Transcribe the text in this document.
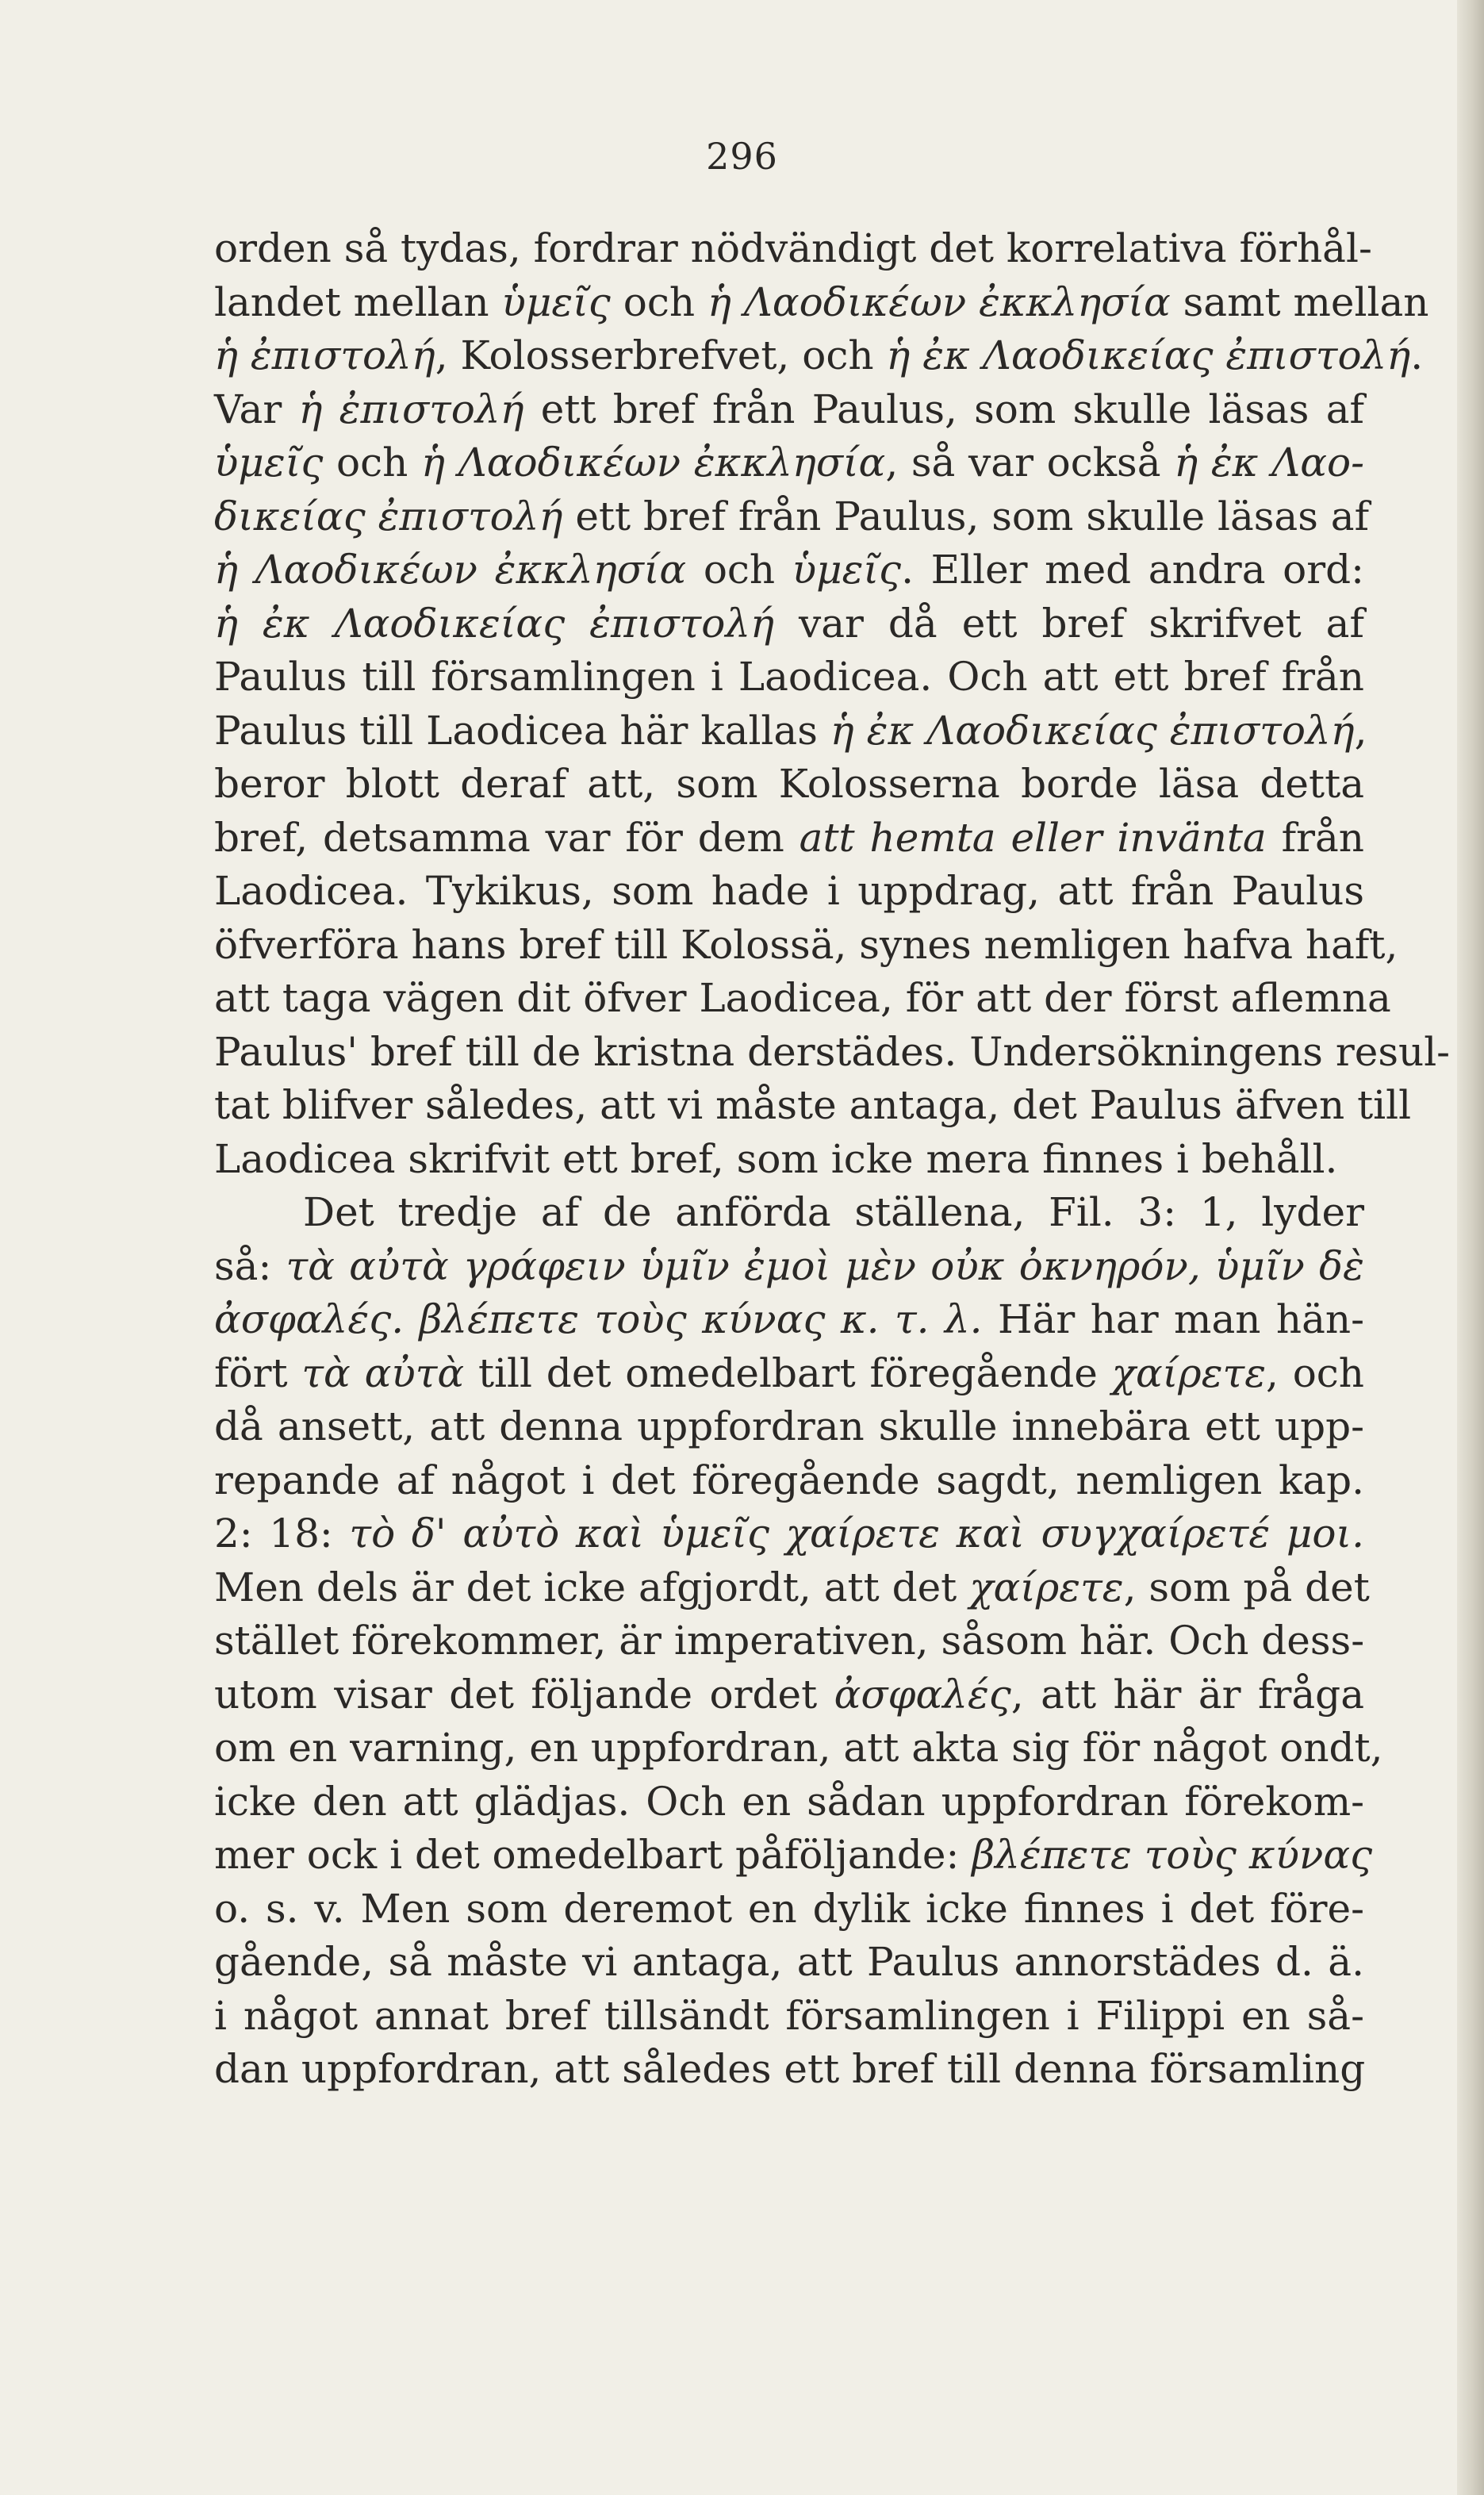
296
orden så tydas, fordrar nödvändigt det korrelativa förhål-
landet mellan ὑμεῖς och ἡ Λαοδικέων ἐκκλησία samt mellan
ἡ ἐπιστολή, Kolosserbrefvet, och ἡ ἐκ Λαοδικείας ἐπιστολή.
Var ἡ ἐπιστολή ett bref från Paulus, som skulle läsas af
ὑμεῖς och ἡ Λαοδικέων ἐκκλησία, så var också ἡ ἐκ Λαο-
δικείας ἐπιστολή ett bref från Paulus, som skulle läsas af
ἡ Λαοδικέων ἐκκλησία och ὑμεῖς. Eller med andra ord:
ἡ ἐκ Λαοδικείας ἐπιστολή var då ett bref skrifvet af
Paulus till församlingen i Laodicea. Och att ett bref från
Paulus till Laodicea här kallas ἡ ἐκ Λαοδικείας ἐπιστολή,
beror blott deraf att, som Kolosserna borde läsa detta
bref, detsamma var för dem att hemta eller invänta från
Laodicea. Tykikus, som hade i uppdrag, att från Paulus
öfverföra hans bref till Kolossä, synes nemligen hafva haft,
att taga vägen dit öfver Laodicea, för att der först aflemna
Paulus' bref till de kristna derstädes. Undersökningens resul-
tat blifver således, att vi måste antaga, det Paulus äfven till
Laodicea skrifvit ett bref, som icke mera finnes i behåll.
Det tredje af de anförda ställena, Fil. 3: 1, lyder
så: τὰ αὐτὰ γράφειν ὑμῖν ἐμοὶ μὲν οὐκ ὀκνηρόν, ὑμῖν δὲ
ἀσφαλές. βλέπετε τοὺς κύνας κ. τ. λ. Här har man hän-
fört τὰ αὐτὰ till det omedelbart föregående χαίρετε, och
då ansett, att denna uppfordran skulle innebära ett upp-
repande af något i det föregående sagdt, nemligen kap.
2: 18: τὸ δ' αὐτὸ καὶ ὑμεῖς χαίρετε καὶ συγχαίρετέ μοι.
Men dels är det icke afgjordt, att det χαίρετε, som på det
stället förekommer, är imperativen, såsom här. Och dess-
utom visar det följande ordet ἀσφαλές, att här är fråga
om en varning, en uppfordran, att akta sig för något ondt,
icke den att glädjas. Och en sådan uppfordran förekom-
mer ock i det omedelbart påföljande: βλέπετε τοὺς κύνας
o. s. v. Men som deremot en dylik icke finnes i det före-
gående, så måste vi antaga, att Paulus annorstädes d. ä.
i något annat bref tillsändt församlingen i Filippi en så-
dan uppfordran, att således ett bref till denna församling
